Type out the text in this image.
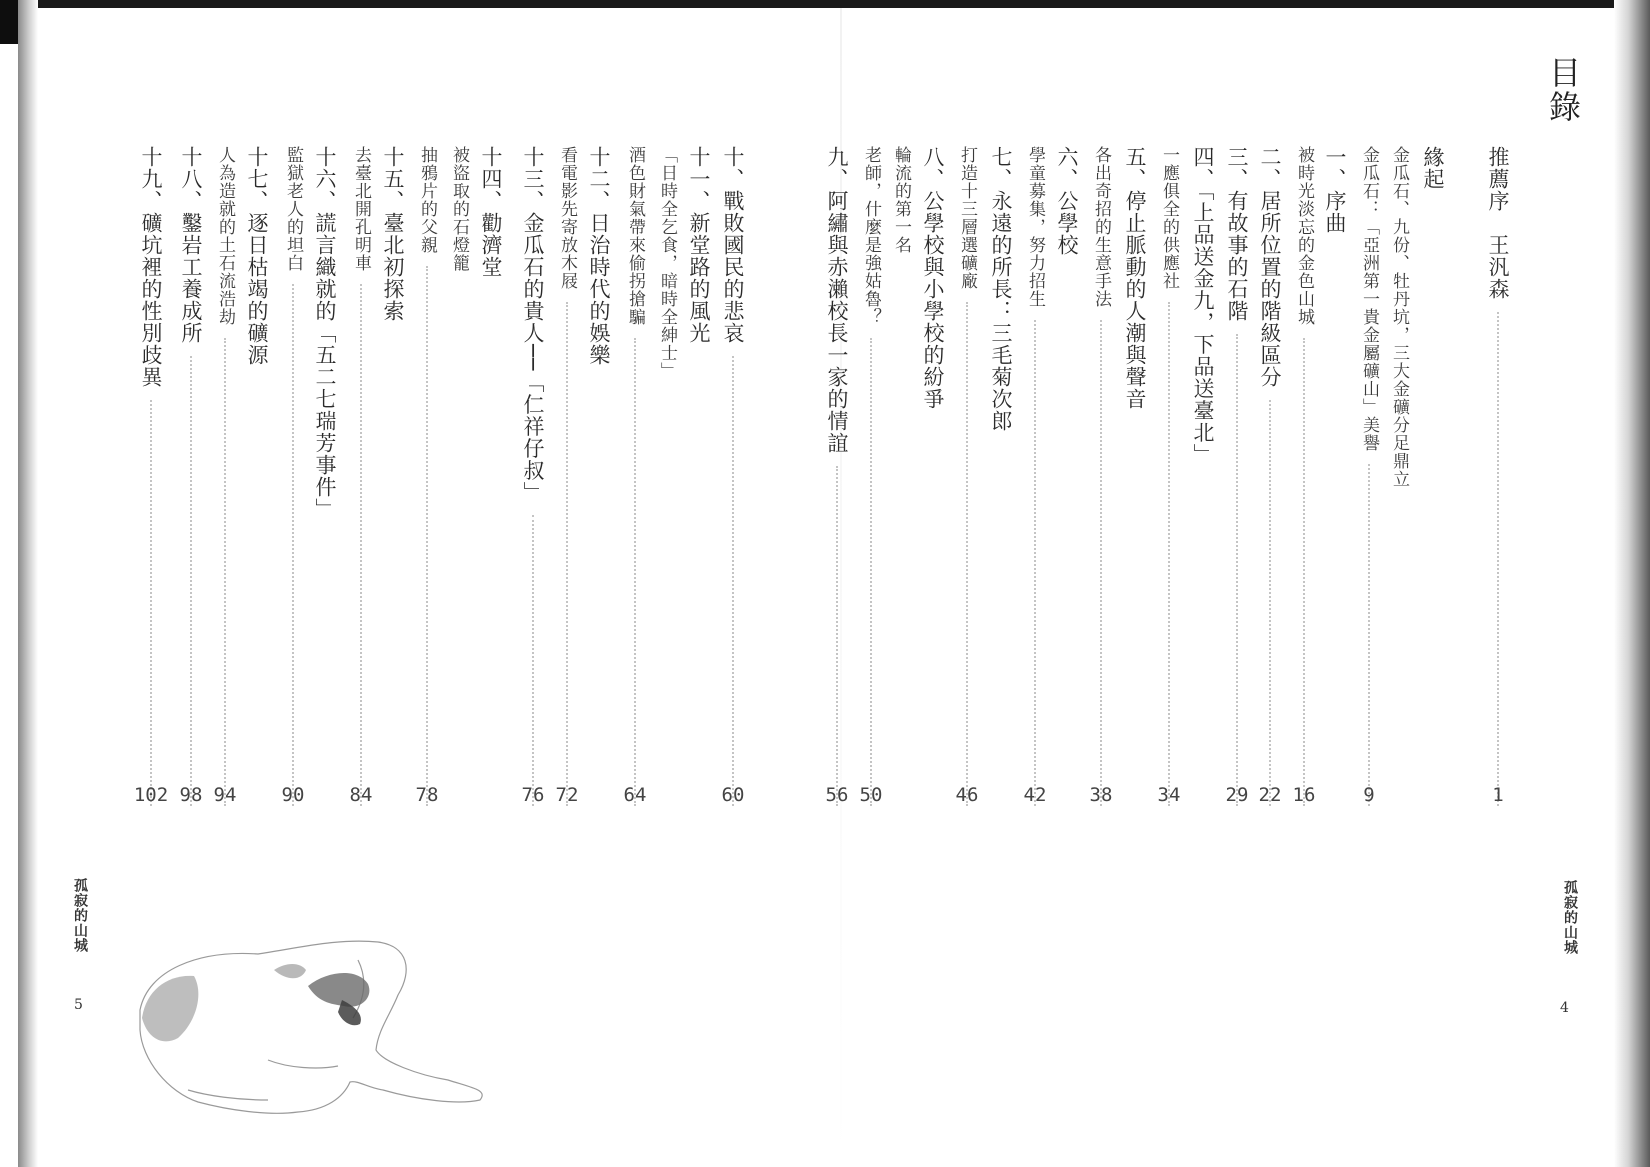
目錄
推薦序　王汎森
1
緣起
金瓜石、九份、牡丹坑，三大金礦分足鼎立
金瓜石：「亞洲第一貴金屬礦山」美譽
9
一、序曲
被時光淡忘的金色山城
16
二、居所位置的階級區分
22
三、有故事的石階
29
四、「上品送金九，下品送臺北」
一應俱全的供應社
34
五、停止脈動的人潮與聲音
各出奇招的生意手法
38
六、公學校
學童募集，努力招生
42
七、永遠的所長：三毛菊次郎
打造十三層選礦廠
46
八、公學校與小學校的紛爭
輪流的第一名
老師，什麼是強姑魯？
50
九、阿繡與赤瀨校長一家的情誼
56
十、戰敗國民的悲哀
60
十一、新堂路的風光
「日時全乞食，暗時全紳士」
酒色財氣帶來偷拐搶騙
64
十二、日治時代的娛樂
看電影先寄放木屐
72
十三、金瓜石的貴人──「仁祥仔叔」
76
十四、勸濟堂
被盜取的石燈籠
抽鴉片的父親
78
十五、臺北初探索
去臺北開孔明車
84
十六、謊言織就的「五二七瑞芳事件」
監獄老人的坦白
90
十七、逐日枯竭的礦源
人為造就的土石流浩劫
94
十八、鑿岩工養成所
98
十九、礦坑裡的性別歧異
102
孤寂的山城
4
孤寂的山城
5
